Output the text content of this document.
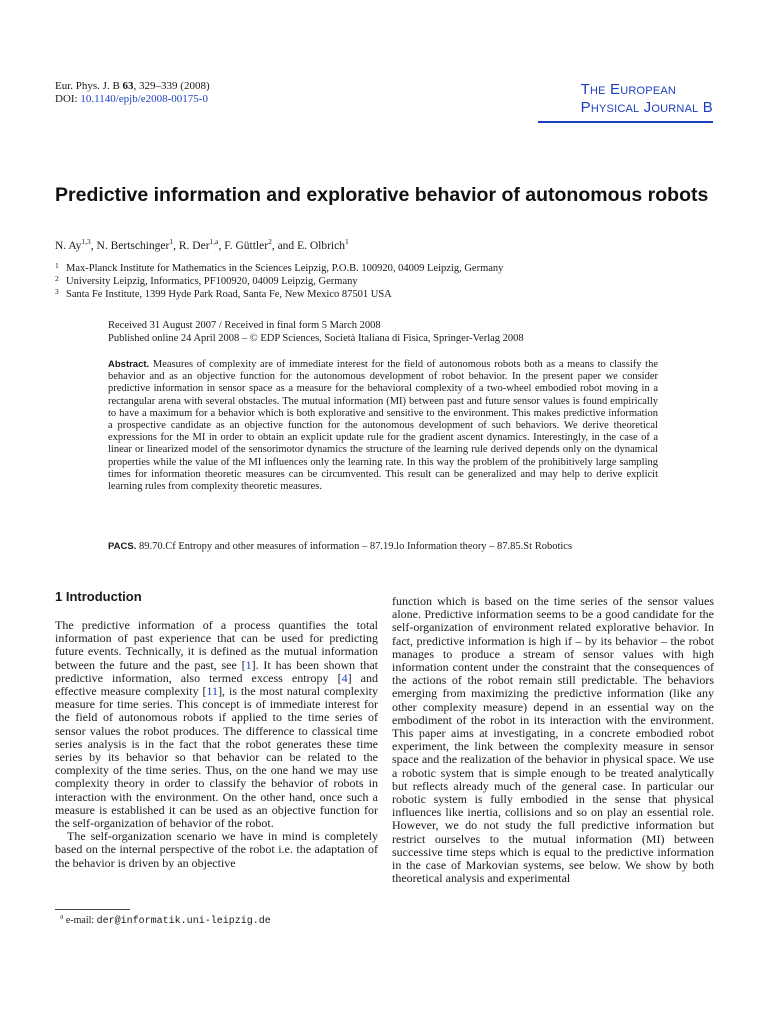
Eur. Phys. J. B 63, 329–339 (2008)
DOI: 10.1140/epjb/e2008-00175-0
The European
Physical Journal B
Predictive information and explorative behavior of autonomous robots
N. Ay$^{1,3}$, N. Bertschinger$^1$, R. Der$^{1,a}$, F. Güttler$^2$, and E. Olbrich$^1$
1 Max-Planck Institute for Mathematics in the Sciences Leipzig, P.O.B. 100920, 04009 Leipzig, Germany
2 University Leipzig, Informatics, PF100920, 04009 Leipzig, Germany
3 Santa Fe Institute, 1399 Hyde Park Road, Santa Fe, New Mexico 87501 USA
Received 31 August 2007 / Received in final form 5 March 2008
Published online 24 April 2008 – © EDP Sciences, Società Italiana di Fisica, Springer-Verlag 2008
Abstract. Measures of complexity are of immediate interest for the field of autonomous robots both as a means to classify the behavior and as an objective function for the autonomous development of robot behavior. In the present paper we consider predictive information in sensor space as a measure for the behavioral complexity of a two-wheel embodied robot moving in a rectangular arena with several obstacles. The mutual information (MI) between past and future sensor values is found empirically to have a maximum for a behavior which is both explorative and sensitive to the environment. This makes predictive information a prospective candidate as an objective function for the autonomous development of such behaviors. We derive theoretical expressions for the MI in order to obtain an explicit update rule for the gradient ascent dynamics. Interestingly, in the case of a linear or linearized model of the sensorimotor dynamics the structure of the learning rule derived depends only on the dynamical properties while the value of the MI influences only the learning rate. In this way the problem of the prohibitively large sampling times for information theoretic measures can be circumvented. This result can be generalized and may help to derive explicit learning rules from complexity theoretic measures.
PACS. 89.70.Cf Entropy and other measures of information – 87.19.lo Information theory – 87.85.St Robotics
1 Introduction

The predictive information of a process quantifies the total information of past experience that can be used for predicting future events. Technically, it is defined as the mutual information between the future and the past, see [1]. It has been shown that predictive information, also termed excess entropy [4] and effective measure complexity [11], is the most natural complexity measure for time series. This concept is of immediate interest for the field of autonomous robots if applied to the time series of sensor values the robot produces. The difference to classical time series analysis is in the fact that the robot generates these time series by its behavior so that behavior can be related to the complexity of the time series. Thus, on the one hand we may use complexity theory in order to classify the behavior of robots in interaction with the environment. On the other hand, once such a measure is established it can be used as an objective function for the self-organization of behavior of the robot.

The self-organization scenario we have in mind is completely based on the internal perspective of the robot i.e. the adaptation of the behavior is driven by an objective

function which is based on the time series of the sensor values alone. Predictive information seems to be a good candidate for the self-organization of environment related explorative behavior. In fact, predictive information is high if – by its behavior – the robot manages to produce a stream of sensor values with high information content under the constraint that the consequences of the actions of the robot remain still predictable. The behaviors emerging from maximizing the predictive information (like any other complexity measure) depend in an essential way on the embodiment of the robot in its interaction with the environment. This paper aims at investigating, in a concrete embodied robot experiment, the link between the complexity measure in sensor space and the realization of the behavior in physical space. We use a robotic system that is simple enough to be treated analytically but reflects already much of the general case. In particular our robotic system is fully embodied in the sense that physical influences like inertia, collisions and so on play an essential role. However, we do not study the full predictive information but restrict ourselves to the mutual information (MI) between successive time steps which is equal to the predictive information in the case of Markovian systems, see below. We show by both theoretical analysis and experimental

$^a$ e-mail: der@informatik.uni-leipzig.de
